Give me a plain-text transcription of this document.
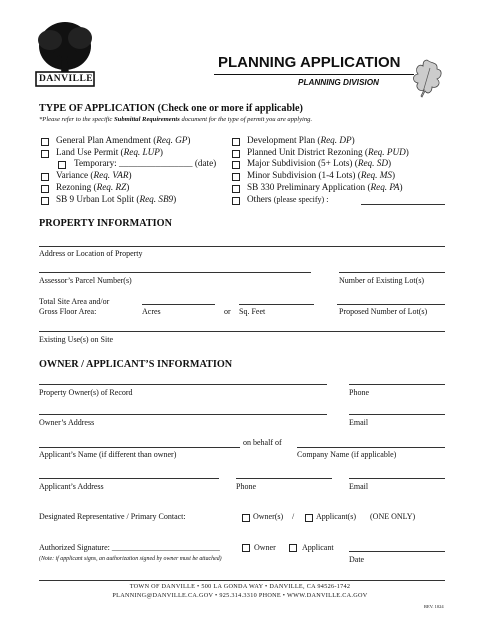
DANVILLE
PLANNING APPLICATION
PLANNING DIVISION
TYPE OF APPLICATION (Check one or more if applicable)
*Please refer to the specific Submittal Requirements document for the type of permit you are applying.
General Plan Amendment (Req. GP)
Land Use Permit (Req. LUP)
Temporary: ________________ (date)
Variance (Req. VAR)
Rezoning (Req. RZ)
SB 9 Urban Lot Split (Req. SB9)
Development Plan (Req. DP)
Planned Unit District Rezoning (Req. PUD)
Major Subdivision (5+ Lots) (Req. SD)
Minor Subdivision (1-4 Lots) (Req. MS)
SB 330 Preliminary Application (Req. PA)
Others (please specify) :
PROPERTY INFORMATION
Address or Location of Property
Assessor’s Parcel Number(s)	Number of Existing Lot(s)
Total Site Area and/or
Gross Floor Area:	Acres	or Sq. Feet	Proposed Number of Lot(s)
Existing Use(s) on Site
OWNER / APPLICANT’S INFORMATION
Property Owner(s) of Record	Phone
Owner’s Address	Email
on behalf of
Applicant’s Name (if different than owner)	Company Name (if applicable)
Applicant’s Address	Phone	Email
Designated Representative / Primary Contact:	Owner(s) /	Applicant(s) (ONE ONLY)
Authorized Signature: ___________________________	Owner	Applicant
(Note: if applicant signs, an authorization signed by owner must be attached)	Date
TOWN OF DANVILLE • 500 LA GONDA WAY • DANVILLE, CA 94526-1742
PLANNING@DANVILLE.CA.GOV • 925.314.3310 PHONE • WWW.DANVILLE.CA.GOV
REV. 1024
